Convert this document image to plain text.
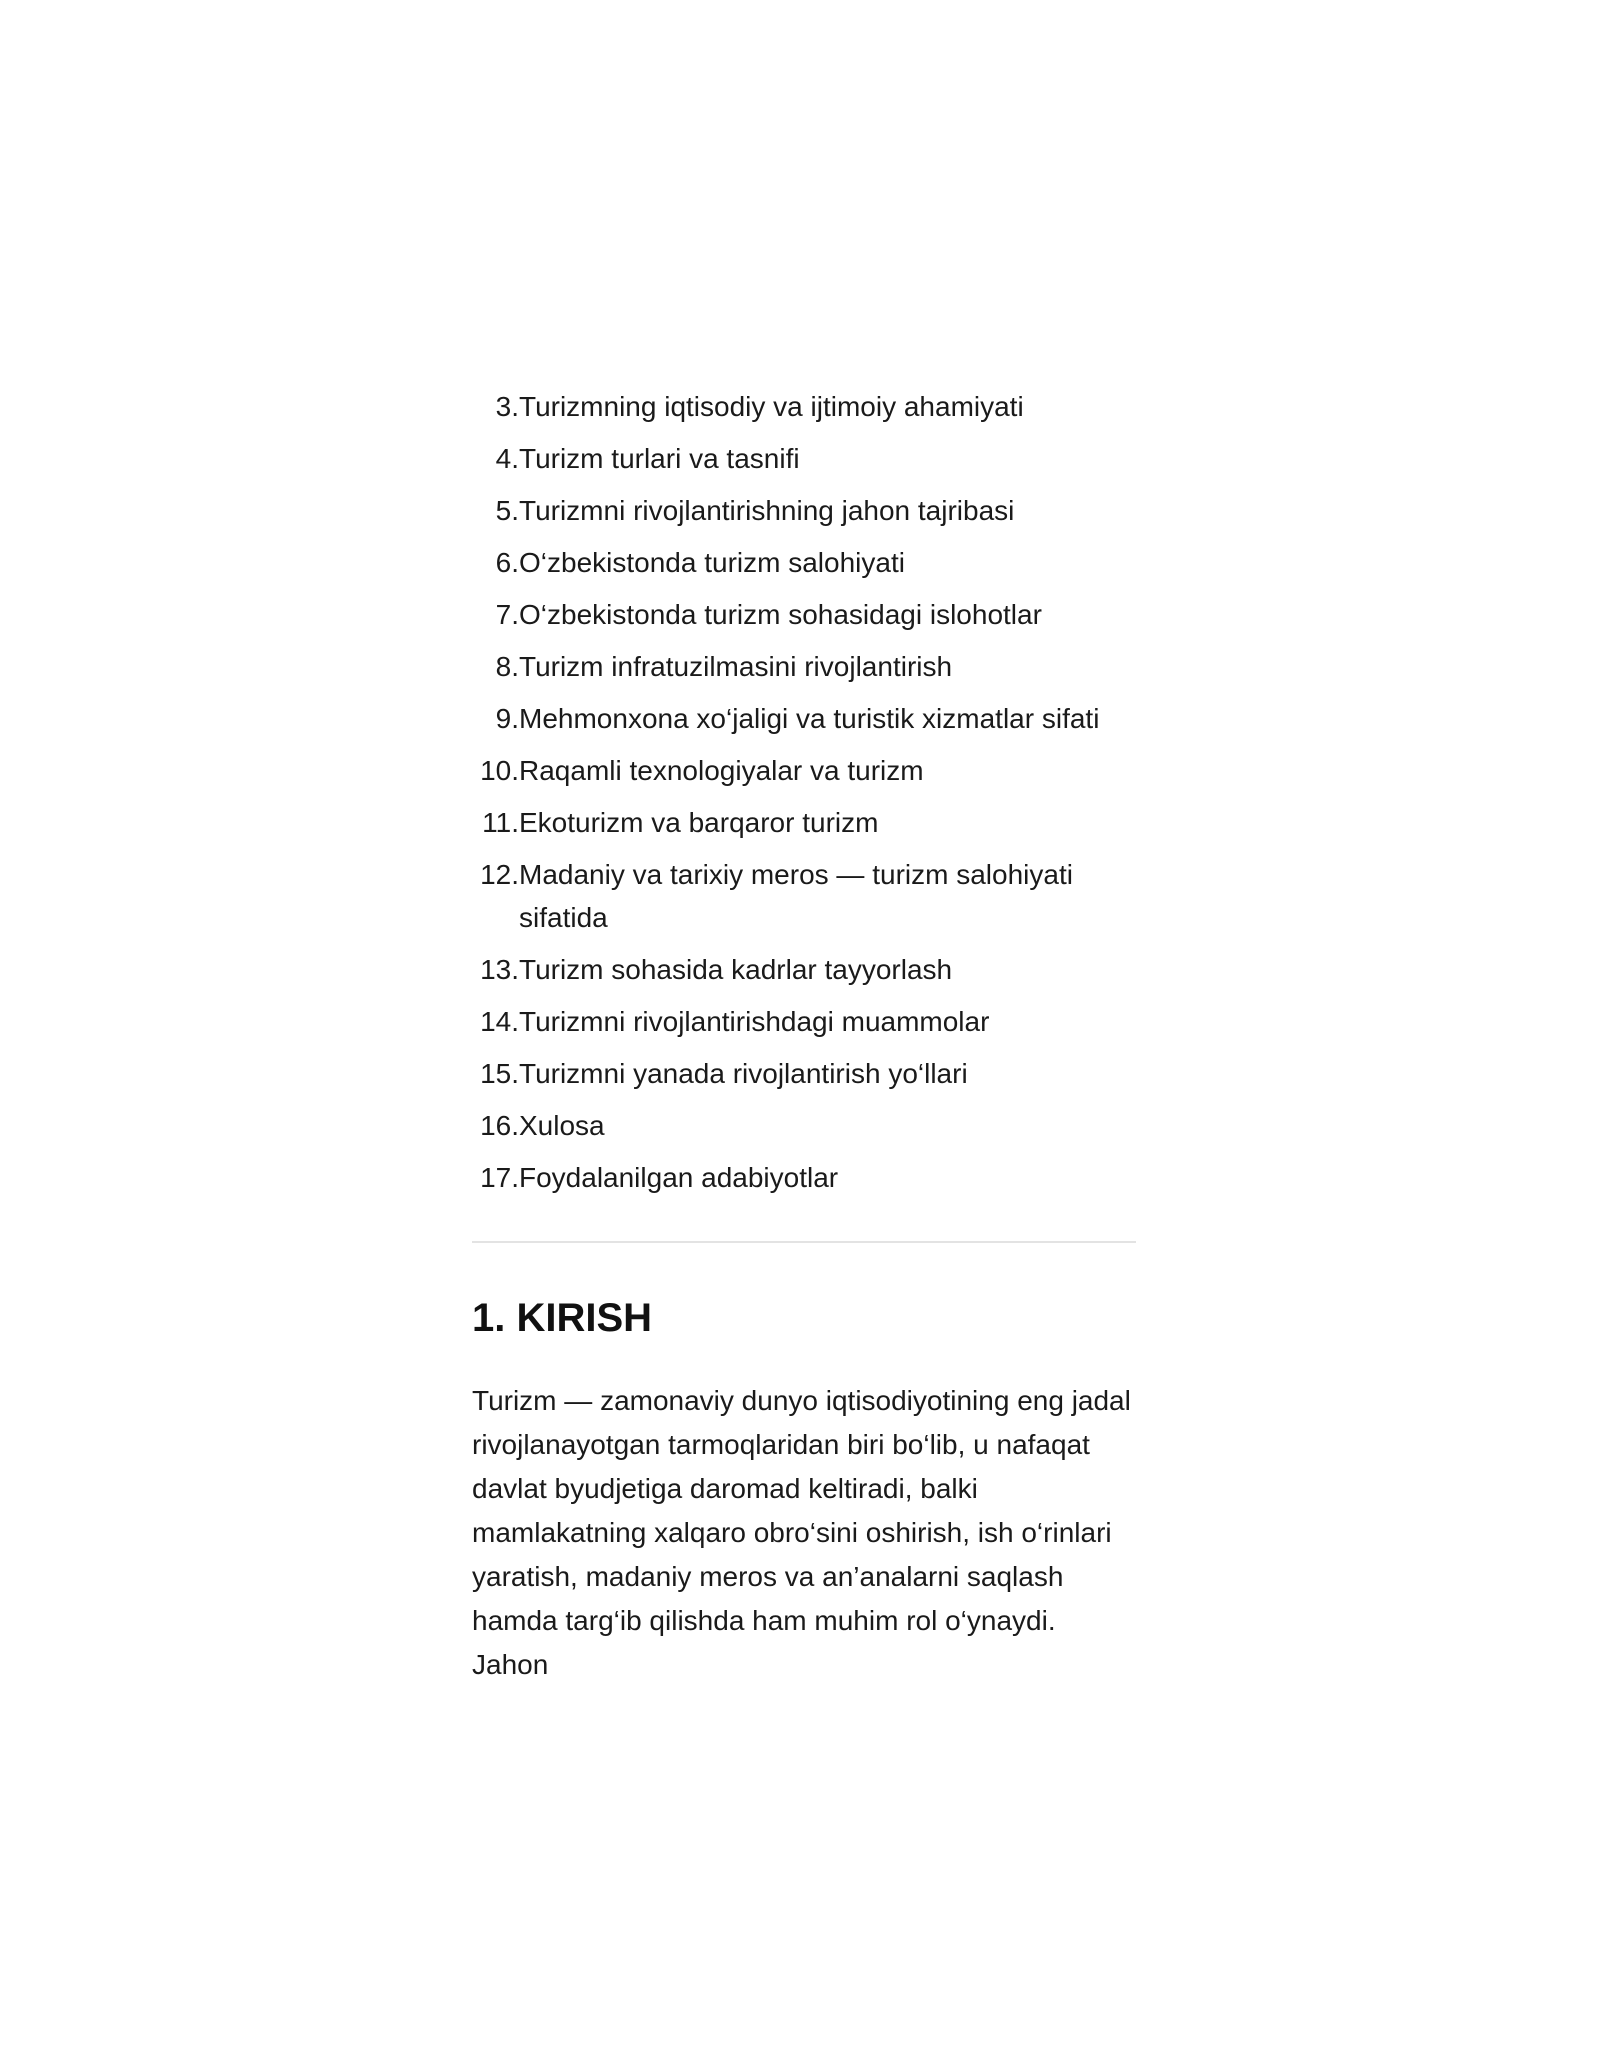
3. Turizmning iqtisodiy va ijtimoiy ahamiyati
4. Turizm turlari va tasnifi
5. Turizmni rivojlantirishning jahon tajribasi
6. O‘zbekistonda turizm salohiyati
7. O‘zbekistonda turizm sohasidagi islohotlar
8. Turizm infratuzilmasini rivojlantirish
9. Mehmonxona xo‘jaligi va turistik xizmatlar sifati
10. Raqamli texnologiyalar va turizm
11. Ekoturizm va barqaror turizm
12. Madaniy va tarixiy meros — turizm salohiyati sifatida
13. Turizm sohasida kadrlar tayyorlash
14. Turizmni rivojlantirishdagi muammolar
15. Turizmni yanada rivojlantirish yo‘llari
16. Xulosa
17. Foydalanilgan adabiyotlar
1. KIRISH

Turizm — zamonaviy dunyo iqtisodiyotining eng jadal rivojlanayotgan tarmoqlaridan biri bo‘lib, u nafaqat davlat byudjetiga daromad keltiradi, balki mamlakatning xalqaro obro‘sini oshirish, ish o‘rinlari yaratish, madaniy meros va an’analarni saqlash hamda targ‘ib qilishda ham muhim rol o‘ynaydi. Jahon
